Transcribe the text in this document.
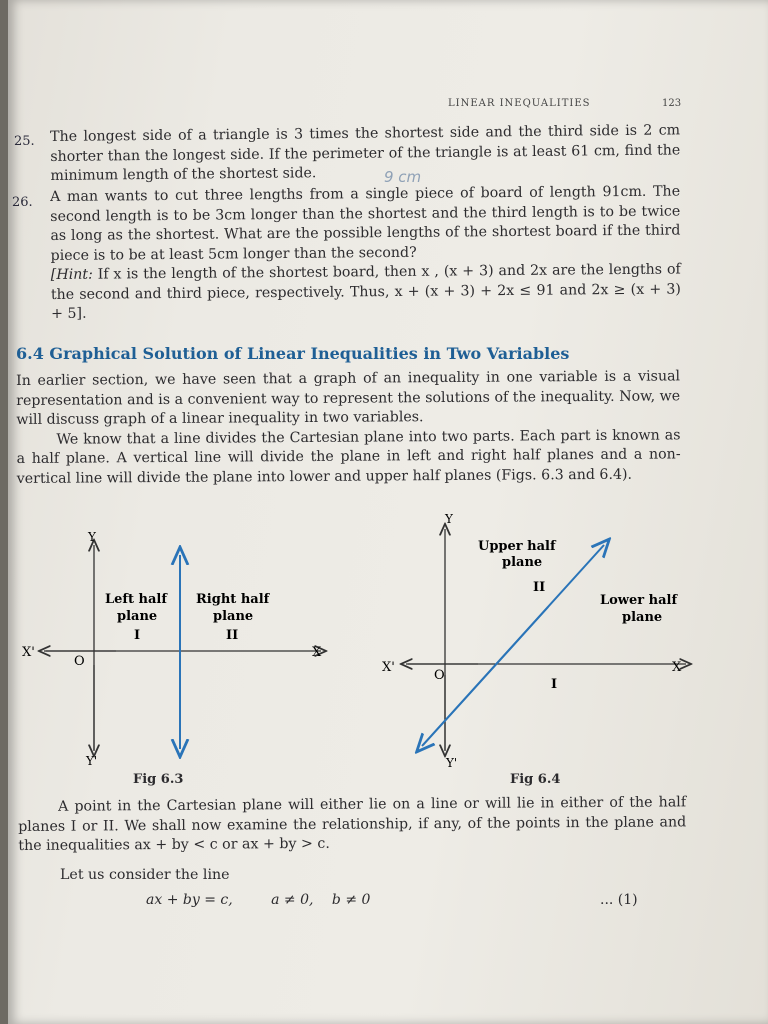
LINEAR INEQUALITIES	123
25. The longest side of a triangle is 3 times the shortest side and the third side is 2 cm shorter than the longest side. If the perimeter of the triangle is at least 61 cm, find the minimum length of the shortest side.	9 cm
26. A man wants to cut three lengths from a single piece of board of length 91cm. The second length is to be 3cm longer than the shortest and the third length is to be twice as long as the shortest. What are the possible lengths of the shortest board if the third piece is to be at least 5cm longer than the second?

[Hint: If x is the length of the shortest board, then x , (x + 3) and 2x are the lengths of the second and third piece, respectively. Thus, x + (x + 3) + 2x ≤ 91 and 2x ≥ (x + 3) + 5].

6.4 Graphical Solution of Linear Inequalities in Two Variables

In earlier section, we have seen that a graph of an inequality in one variable is a visual representation and is a convenient way to represent the solutions of the inequality. Now, we will discuss graph of a linear inequality in two variables.

We know that a line divides the Cartesian plane into two parts. Each part is known as a half plane. A vertical line will divide the plane in left and right half planes and a non-vertical line will divide the plane into lower and upper half planes (Figs. 6.3 and 6.4).

Y
Y'
X
X'
O
Left half
plane
I
Right half
plane
II
Fig 6.3
Y
Y'
X
X'
O
Upper half
plane
II
Lower half
plane
I
Fig 6.4

A point in the Cartesian plane will either lie on a line or will lie in either of the half planes I or II. We shall now examine the relationship, if any, of the points in the plane and the inequalities ax + by < c or ax + by > c.

Let us consider the line
ax + by = c,	a ≠ 0, b ≠ 0	... (1)
